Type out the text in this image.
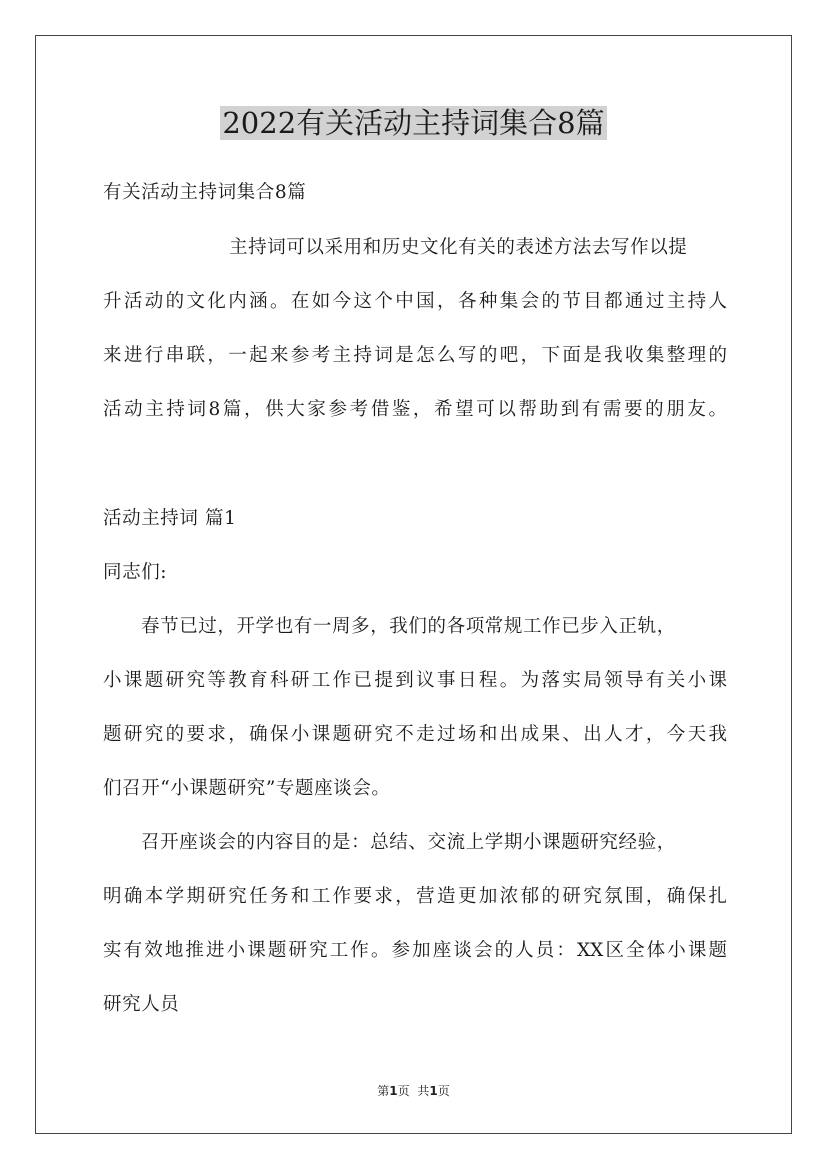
2022有关活动主持词集合8篇
有关活动主持词集合8篇
主持词可以采用和历史文化有关的表述方法去写作以提
升活动的文化内涵。在如今这个中国，各种集会的节目都通过主持人
来进行串联，一起来参考主持词是怎么写的吧，下面是我收集整理的
活动主持词8篇，供大家参考借鉴，希望可以帮助到有需要的朋友。
活动主持词 篇1
同志们:
春节已过，开学也有一周多，我们的各项常规工作已步入正轨，
小课题研究等教育科研工作已提到议事日程。为落实局领导有关小课
题研究的要求，确保小课题研究不走过场和出成果、出人才，今天我
们召开“小课题研究”专题座谈会。
召开座谈会的内容目的是：总结、交流上学期小课题研究经验，
明确本学期研究任务和工作要求，营造更加浓郁的研究氛围，确保扎
实有效地推进小课题研究工作。参加座谈会的人员：XX区全体小课题
研究人员
第1页 共1页
